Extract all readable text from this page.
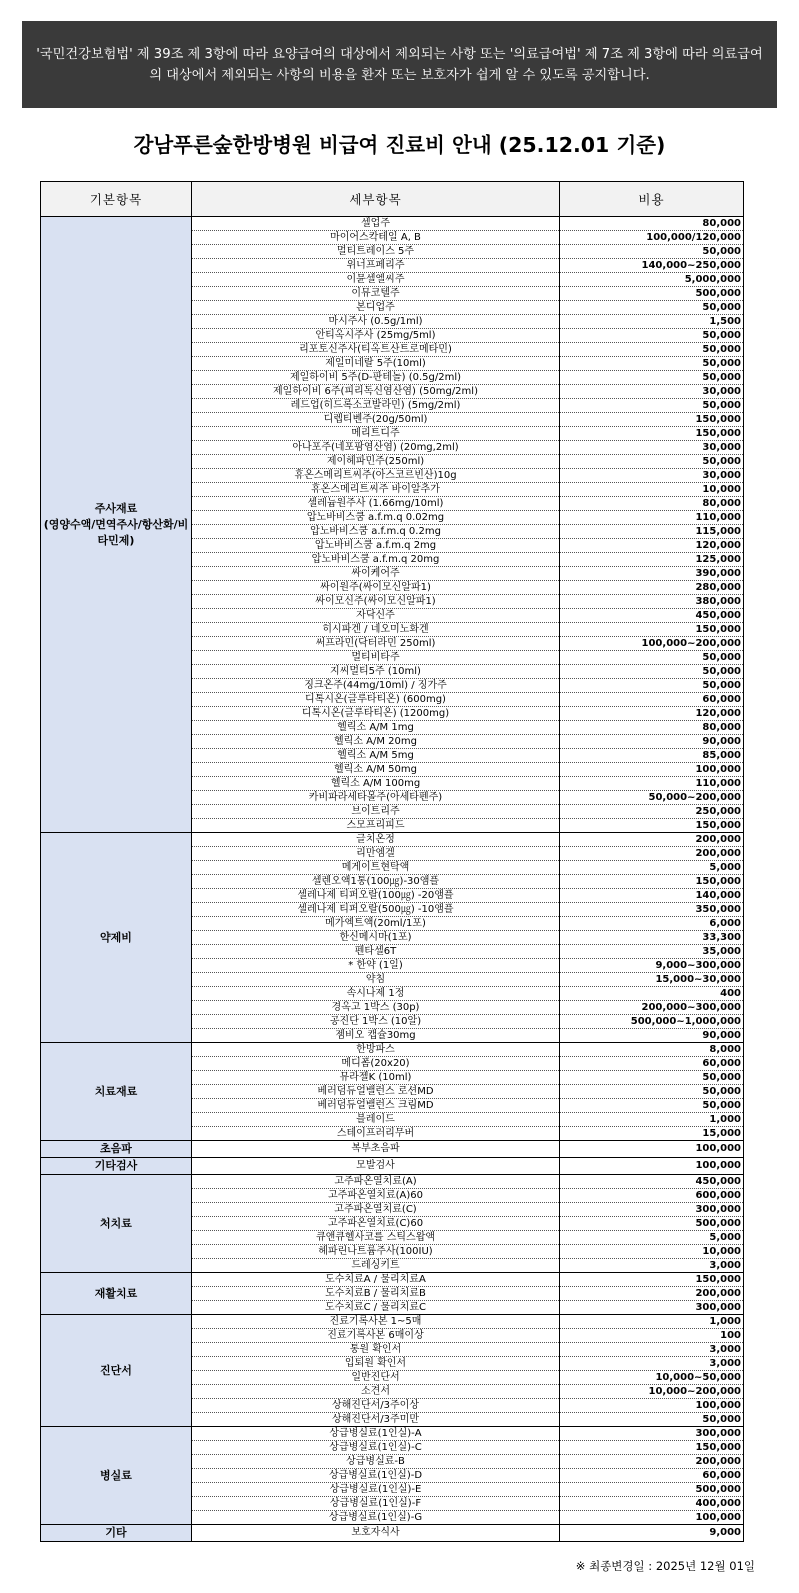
'국민건강보험법' 제 39조 제 3항에 따라 요양급여의 대상에서 제외되는 사항 또는 '의료급여법' 제 7조 제 3항에 따라 의료급여의 대상에서 제외되는 사항의 비용을 환자 또는 보호자가 쉽게 알 수 있도록 공지합니다.
강남푸른숲한방병원 비급여 진료비 안내 (25.12.01 기준)
기본항목	세부항목	비용
주사재료
(영양수액/면역주사/항산화/비타민제)	셀업주	80,000
	마이어스칵테일 A, B	100,000/120,000
	멀티트레이스 5주	50,000
	위너프페리주	140,000~250,000
	이뮨셀엘씨주	5,000,000
	이뮤코텔주	500,000
	본디업주	50,000
	마시주사 (0.5g/1ml)	1,500
	안티옥시주사 (25mg/5ml)	50,000
	리포토신주사(티옥트산트로메타민)	50,000
	제일미네랄 5주(10ml)	50,000
	제일하이비 5주(D-판테놀) (0.5g/2ml)	50,000
	제일하이비 6주(피리독신염산염) (50mg/2ml)	30,000
	레드업(히드록소코발라민) (5mg/2ml)	50,000
	디렙티벤주(20g/50ml)	150,000
	메리트디주	150,000
	아나포주(네포팜염산염) (20mg,2ml)	30,000
	제이헤파민주(250ml)	50,000
	휴온스메리트씨주(아스코르빈산)10g	30,000
	휴온스메리트씨주 바이알추가	10,000
	셀레늄원주사 (1.66mg/10ml)	80,000
	압노바비스쿰 a.f.m.q 0.02mg	110,000
	압노바비스쿰 a.f.m.q 0.2mg	115,000
	압노바비스쿰 a.f.m.q 2mg	120,000
	압노바비스쿰 a.f.m.q 20mg	125,000
	싸이케어주	390,000
	싸이원주(싸이모신알파1)	280,000
	싸이모신주(싸이모신알파1)	380,000
	자닥신주	450,000
	히시파겐 / 네오미노화겐	150,000
	써프라민(닥터라민 250ml)	100,000~200,000
	멀티비타주	50,000
	지씨멀티5주 (10ml)	50,000
	징크온주(44mg/10ml) / 징가주	50,000
	디톡시온(글루타티온) (600mg)	60,000
	디톡시온(글루타티온) (1200mg)	120,000
	헬릭소 A/M 1mg	80,000
	헬릭소 A/M 20mg	90,000
	헬릭소 A/M 5mg	85,000
	헬릭소 A/M 50mg	100,000
	헬릭소 A/M 100mg	110,000
	카비파라세타몰주(아세타펜주)	50,000~200,000
	브이트리주	250,000
	스모프리피드	150,000
약제비	글치온정	200,000
	리만엠겔	200,000
	메게이트현탁액	5,000
	셀렌오액1통(100㎍)-30앰플	150,000
	셀레나제 티퍼오랄(100㎍) -20앰플	140,000
	셀레나제 티퍼오랄(500㎍) -10앰플	350,000
	메가엑트액(20ml/1포)	6,000
	한신메시마(1포)	33,300
	펜타셀6T	35,000
	* 한약 (1일)	9,000~300,000
	약침	15,000~30,000
	속시나제 1정	400
	경옥고 1박스 (30p)	200,000~300,000
	공진단 1박스 (10알)	500,000~1,000,000
	젬비오 캡슐30mg	90,000
치료재료	한방파스	8,000
	메디폼(20x20)	60,000
	뮤라젤K (10ml)	50,000
	베러덤듀얼밸런스 로션MD	50,000
	베러덤듀얼밸런스 크림MD	50,000
	블레이드	1,000
	스테이프러리무버	15,000
초음파	복부초음파	100,000
기타검사	모발검사	100,000
처치료	고주파온열치료(A)	450,000
	고주파온열치료(A)60	600,000
	고주파온열치료(C)	300,000
	고주파온열치료(C)60	500,000
	큐앤큐헬사코를 스틱스왑액	5,000
	헤파린나트륨주사(100IU)	10,000
	드레싱키트	3,000
재활치료	도수치료A / 물리치료A	150,000
	도수치료B / 물리치료B	200,000
	도수치료C / 물리치료C	300,000
진단서	진료기록사본 1~5매	1,000
	진료기록사본 6매이상	100
	통원 확인서	3,000
	입퇴원 확인서	3,000
	일반진단서	10,000~50,000
	소견서	10,000~200,000
	상해진단서/3주이상	100,000
	상해진단서/3주미만	50,000
병실료	상급병실료(1인실)-A	300,000
	상급병실료(1인실)-C	150,000
	상급병실료-B	200,000
	상급병실료(1인실)-D	60,000
	상급병실료(1인실)-E	500,000
	상급병실료(1인실)-F	400,000
	상급병실료(1인실)-G	100,000
기타	보호자식사	9,000
※ 최종변경일 : 2025년 12월 01일
